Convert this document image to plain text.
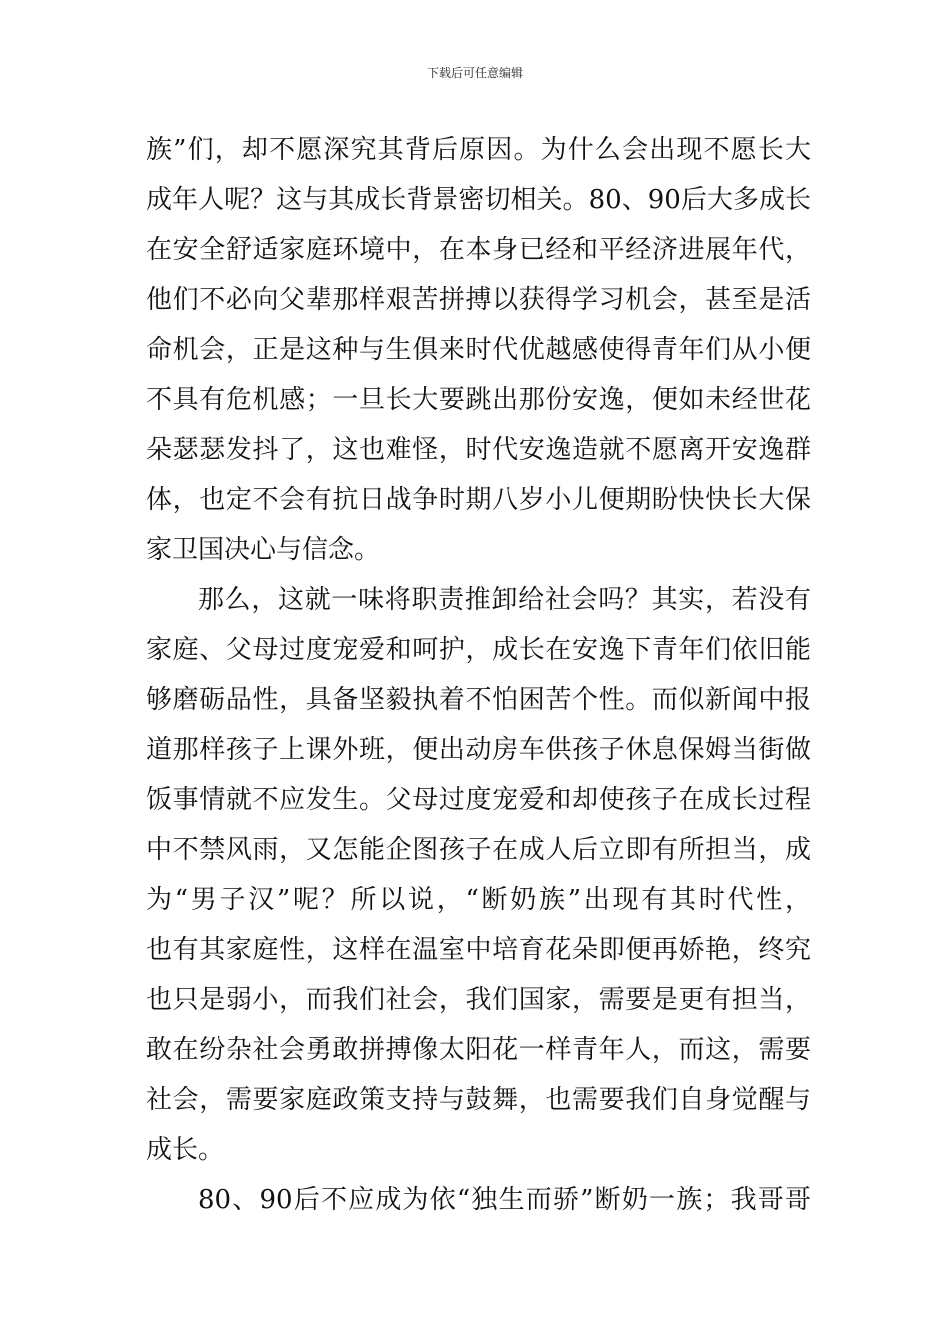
下载后可任意编辑
族”们，却不愿深究其背后原因。为什么会出现不愿长大
成年人呢？这与其成长背景密切相关。80、90后大多成长
在安全舒适家庭环境中，在本身已经和平经济进展年代，
他们不必向父辈那样艰苦拼搏以获得学习机会，甚至是活
命机会，正是这种与生俱来时代优越感使得青年们从小便
不具有危机感；一旦长大要跳出那份安逸，便如未经世花
朵瑟瑟发抖了，这也难怪，时代安逸造就不愿离开安逸群
体，也定不会有抗日战争时期八岁小儿便期盼快快长大保
家卫国决心与信念。
那么，这就一味将职责推卸给社会吗？其实，若没有
家庭、父母过度宠爱和呵护，成长在安逸下青年们依旧能
够磨砺品性，具备坚毅执着不怕困苦个性。而似新闻中报
道那样孩子上课外班，便出动房车供孩子休息保姆当街做
饭事情就不应发生。父母过度宠爱和却使孩子在成长过程
中不禁风雨，又怎能企图孩子在成人后立即有所担当，成
为“男子汉”呢？所以说，“断奶族”出现有其时代性，
也有其家庭性，这样在温室中培育花朵即便再娇艳，终究
也只是弱小，而我们社会，我们国家，需要是更有担当，
敢在纷杂社会勇敢拼搏像太阳花一样青年人，而这，需要
社会，需要家庭政策支持与鼓舞，也需要我们自身觉醒与
成长。
80、90后不应成为依“独生而骄”断奶一族；我哥哥
